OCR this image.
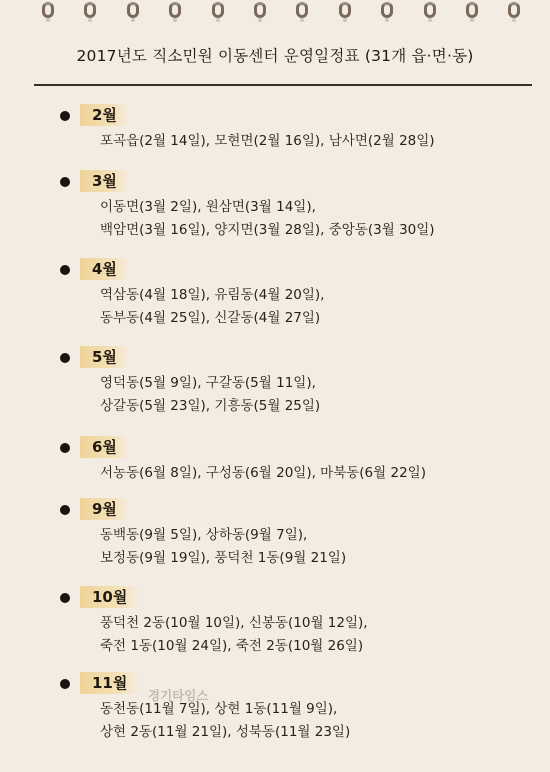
2017년도 직소민원 이동센터 운영일정표 (31개 읍·면·동)
2월
포곡읍(2월 14일), 모현면(2월 16일), 남사면(2월 28일)
3월
이동면(3월 2일), 원삼면(3월 14일),
백암면(3월 16일), 양지면(3월 28일), 중앙동(3월 30일)
4월
역삼동(4월 18일), 유림동(4월 20일),
동부동(4월 25일), 신갈동(4월 27일)
5월
영덕동(5월 9일), 구갈동(5월 11일),
상갈동(5월 23일), 기흥동(5월 25일)
6월
서농동(6월 8일), 구성동(6월 20일), 마북동(6월 22일)
9월
동백동(9월 5일), 상하동(9월 7일),
보정동(9월 19일), 풍덕천 1동(9월 21일)
10월
풍덕천 2동(10월 10일), 신봉동(10월 12일),
죽전 1동(10월 24일), 죽전 2동(10월 26일)
11월
동천동(11월 7일), 상현 1동(11월 9일),
상현 2동(11월 21일), 성북동(11월 23일)
경기타임스
